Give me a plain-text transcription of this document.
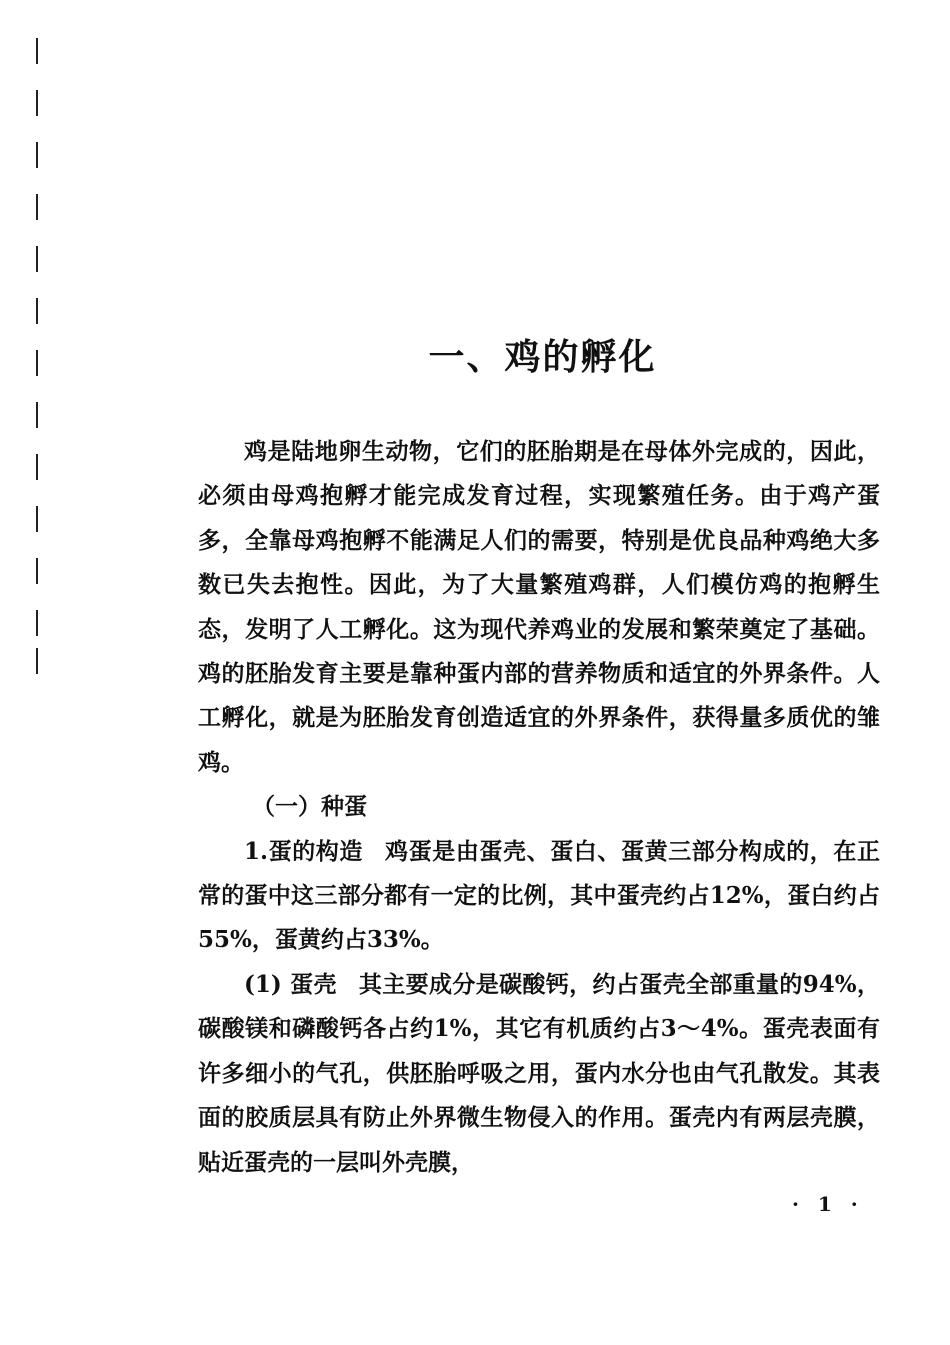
一、鸡的孵化

鸡是陆地卵生动物，它们的胚胎期是在母体外完成的，因此，必须由母鸡抱孵才能完成发育过程，实现繁殖任务。由于鸡产蛋多，全靠母鸡抱孵不能满足人们的需要，特别是优良品种鸡绝大多数已失去抱性。因此，为了大量繁殖鸡群，人们模仿鸡的抱孵生态，发明了人工孵化。这为现代养鸡业的发展和繁荣奠定了基础。鸡的胚胎发育主要是靠种蛋内部的营养物质和适宜的外界条件。人工孵化，就是为胚胎发育创造适宜的外界条件，获得量多质优的雏鸡。

（一）种蛋

1.蛋的构造 鸡蛋是由蛋壳、蛋白、蛋黄三部分构成的，在正常的蛋中这三部分都有一定的比例，其中蛋壳约占12%，蛋白约占55%，蛋黄约占33%。

(1) 蛋壳 其主要成分是碳酸钙，约占蛋壳全部重量的94%，碳酸镁和磷酸钙各占约1%，其它有机质约占3～4%。蛋壳表面有许多细小的气孔，供胚胎呼吸之用，蛋内水分也由气孔散发。其表面的胶质层具有防止外界微生物侵入的作用。蛋壳内有两层壳膜，贴近蛋壳的一层叫外壳膜，

· 1 ·
